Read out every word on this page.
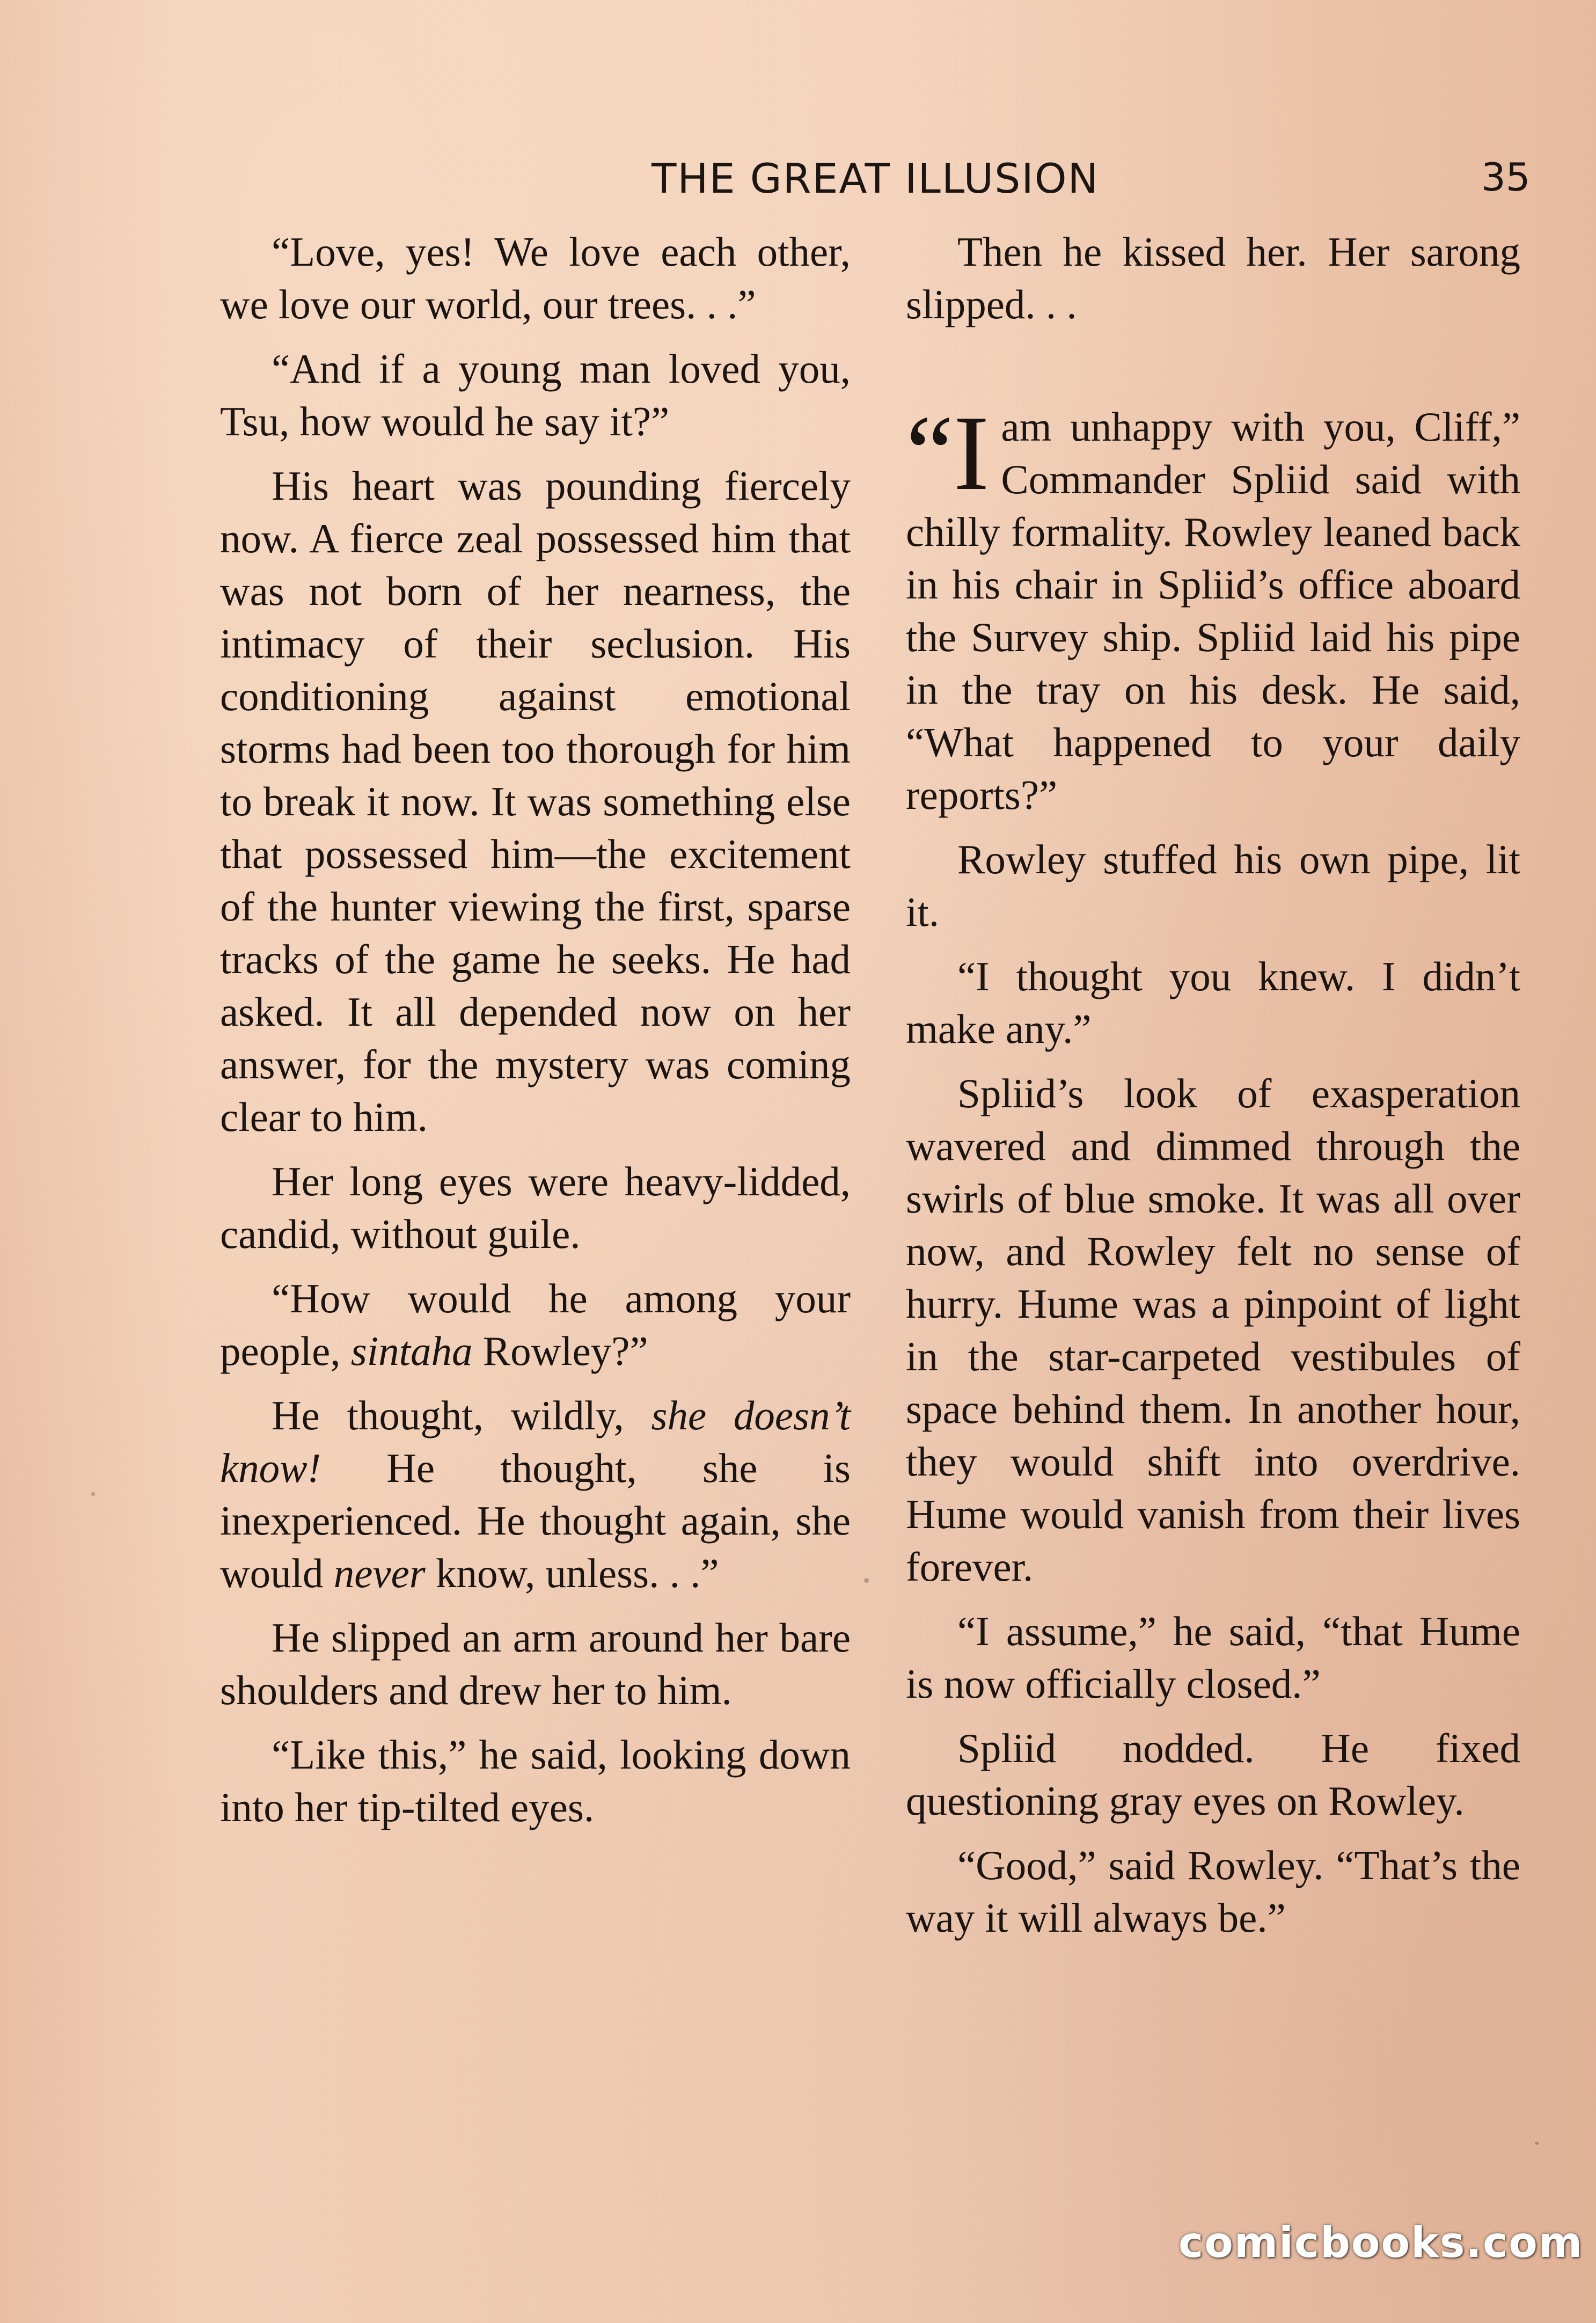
THE GREAT ILLUSION	35

“Love, yes! We love each other, we love our world, our trees. . .”

“And if a young man loved you, Tsu, how would he say it?”

His heart was pounding fiercely now. A fierce zeal possessed him that was not born of her nearness, the intimacy of their seclusion. His conditioning against emotional storms had been too thorough for him to break it now. It was something else that possessed him—the excitement of the hunter viewing the first, sparse tracks of the game he seeks. He had asked. It all depended now on her answer, for the mystery was coming clear to him.

Her long eyes were heavy-lidded, candid, without guile.

“How would he among your people, sintaha Rowley?”

He thought, wildly, she doesn’t know! He thought, she is inexperienced. He thought again, she would never know, unless. . .”

He slipped an arm around her bare shoulders and drew her to him.

“Like this,” he said, looking down into her tip-tilted eyes.

Then he kissed her. Her sarong slipped. . .

“I am unhappy with you, Cliff,” Commander Spliid said with chilly formality. Rowley leaned back in his chair in Spliid’s office aboard the Survey ship. Spliid laid his pipe in the tray on his desk. He said, “What happened to your daily reports?”

Rowley stuffed his own pipe, lit it.

“I thought you knew. I didn’t make any.”

Spliid’s look of exasperation wavered and dimmed through the swirls of blue smoke. It was all over now, and Rowley felt no sense of hurry. Hume was a pinpoint of light in the star-carpeted vestibules of space behind them. In another hour, they would shift into overdrive. Hume would vanish from their lives forever.

“I assume,” he said, “that Hume is now officially closed.”

Spliid nodded. He fixed questioning gray eyes on Rowley.

“Good,” said Rowley. “That’s the way it will always be.”

comicbooks.com
